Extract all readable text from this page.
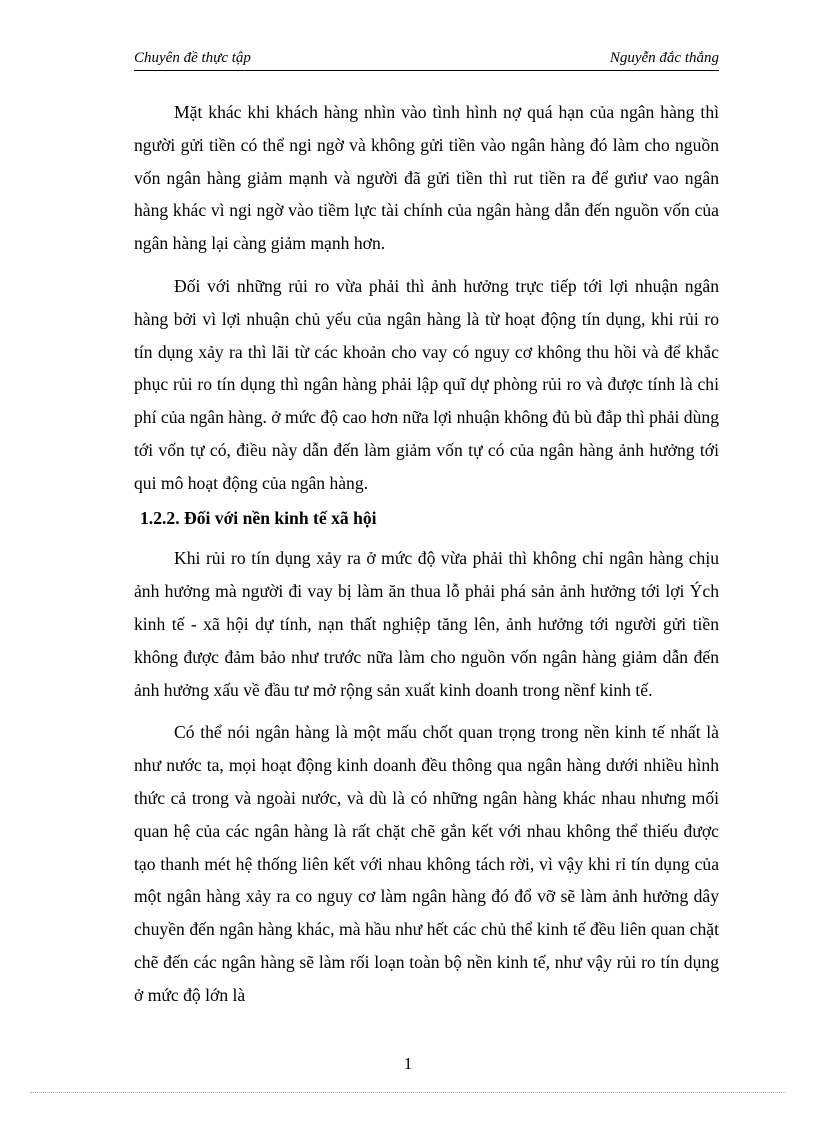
Chuyên đề thực tập	Nguyễn đắc thắng

Mặt khác khi khách hàng nhìn vào tình hình nợ quá hạn của ngân hàng thì người gửi tiền có thể ngi ngờ và không gửi tiền vào ngân hàng đó làm cho nguồn vốn ngân hàng giảm mạnh và người đã gửi tiền thì rut tiền ra để gưiư vao ngân hàng khác vì ngi ngờ vào tiềm lực tài chính của ngân hàng dẫn đến nguồn vốn của ngân hàng lại càng giảm mạnh hơn.

Đối với những rủi ro vừa phải thì ảnh hưởng trực tiếp tới lợi nhuận ngân hàng bởi vì lợi nhuận chủ yếu của ngân hàng là từ hoạt động tín dụng, khi rủi ro tín dụng xảy ra thì lãi từ các khoản cho vay có nguy cơ không thu hồi và để khắc phục rủi ro tín dụng thì ngân hàng phải lập quĩ dự phòng rủi ro và được tính là chi phí của ngân hàng. ở mức độ cao hơn nữa lợi nhuận không đủ bù đắp thì phải dùng tới vốn tự có, điều này dẫn đến làm giảm vốn tự có của ngân hàng ảnh hưởng tới qui mô hoạt động của ngân hàng.

1.2.2. Đối với nền kinh tế xã hội

Khi rủi ro tín dụng xảy ra ở mức độ vừa phải thì không chỉ ngân hàng chịu ảnh hưởng mà người đi vay bị làm ăn thua lỗ phải phá sản ảnh hưởng tới lợi Ých kinh tế - xã hội dự tính, nạn thất nghiệp tăng lên, ảnh hưởng tới người gửi tiền không được đảm bảo như trước nữa làm cho nguồn vốn ngân hàng giảm dẫn đến ảnh hưởng xấu về đầu tư mở rộng sản xuất kinh doanh trong nềnf kinh tế.

Có thể nói ngân hàng là một mấu chốt quan trọng trong nền kinh tế nhất là như nước ta, mọi hoạt động kinh doanh đều thông qua ngân hàng dưới nhiều hình thức cả trong và ngoài nước, và dù là có những ngân hàng khác nhau nhưng mối quan hệ của các ngân hàng là rất chặt chẽ gắn kết với nhau không thể thiếu được tạo thanh mét hệ thống liên kết với nhau không tách rời, vì vậy khi rỉ tín dụng của một ngân hàng xảy ra co nguy cơ làm ngân hàng đó đổ vỡ sẽ làm ảnh hưởng dây chuyền đến ngân hàng khác, mà hầu như hết các chủ thể kinh tế đều liên quan chặt chẽ đến các ngân hàng sẽ làm rối loạn toàn bộ nền kinh tế, như vậy rủi ro tín dụng ở mức độ lớn là

1
